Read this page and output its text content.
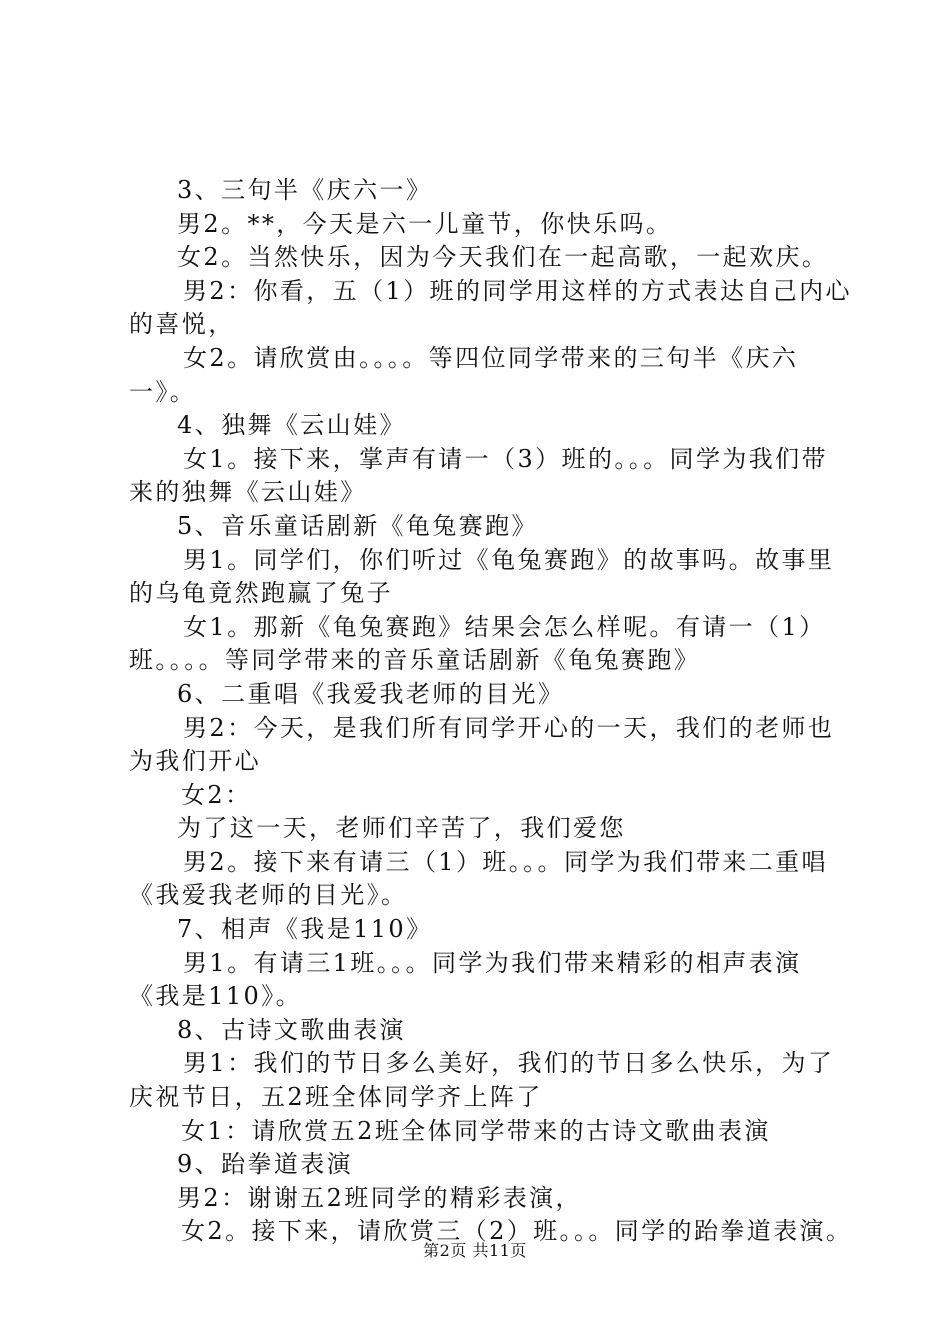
3、三句半《庆六一》
男2。**，今天是六一儿童节，你快乐吗。
女2。当然快乐，因为今天我们在一起高歌，一起欢庆。
男2：你看，五（1）班的同学用这样的方式表达自己内心
的喜悦，
女2。请欣赏由。。。。等四位同学带来的三句半《庆六
一》。
4、独舞《云山娃》
女1。接下来，掌声有请一（3）班的。。。同学为我们带
来的独舞《云山娃》
5、音乐童话剧新《龟兔赛跑》
男1。同学们，你们听过《龟兔赛跑》的故事吗。故事里
的乌龟竟然跑赢了兔子
女1。那新《龟兔赛跑》结果会怎么样呢。有请一（1）
班。。。。等同学带来的音乐童话剧新《龟兔赛跑》
6、二重唱《我爱我老师的目光》
男2：今天，是我们所有同学开心的一天，我们的老师也
为我们开心
女2：
为了这一天，老师们辛苦了，我们爱您
男2。接下来有请三（1）班。。。同学为我们带来二重唱
《我爱我老师的目光》。
7、相声《我是110》
男1。有请三1班。。。同学为我们带来精彩的相声表演
《我是110》。
8、古诗文歌曲表演
男1：我们的节日多么美好，我们的节日多么快乐，为了
庆祝节日，五2班全体同学齐上阵了
女1：请欣赏五2班全体同学带来的古诗文歌曲表演
9、跆拳道表演
男2：谢谢五2班同学的精彩表演，
女2。接下来，请欣赏三（2）班。。。同学的跆拳道表演。
第2页 共11页
